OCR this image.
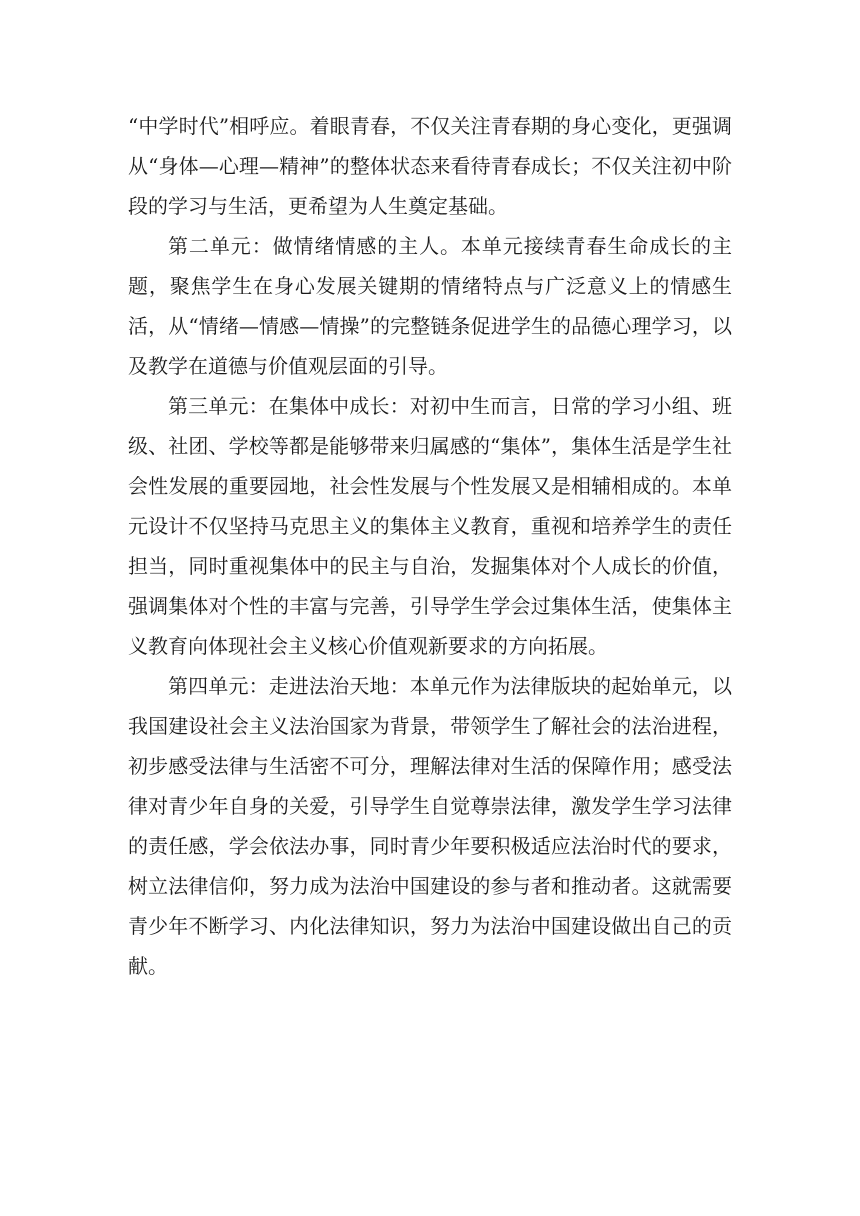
“中学时代”相呼应。着眼青春，不仅关注青春期的身心变化，更强调从“身体—心理—精神”的整体状态来看待青春成长；不仅关注初中阶段的学习与生活，更希望为人生奠定基础。

第二单元：做情绪情感的主人。本单元接续青春生命成长的主题，聚焦学生在身心发展关键期的情绪特点与广泛意义上的情感生活，从“情绪—情感—情操”的完整链条促进学生的品德心理学习，以及教学在道德与价值观层面的引导。

第三单元：在集体中成长：对初中生而言，日常的学习小组、班级、社团、学校等都是能够带来归属感的“集体”，集体生活是学生社会性发展的重要园地，社会性发展与个性发展又是相辅相成的。本单元设计不仅坚持马克思主义的集体主义教育，重视和培养学生的责任担当，同时重视集体中的民主与自治，发掘集体对个人成长的价值，强调集体对个性的丰富与完善，引导学生学会过集体生活，使集体主义教育向体现社会主义核心价值观新要求的方向拓展。

第四单元：走进法治天地：本单元作为法律版块的起始单元，以我国建设社会主义法治国家为背景，带领学生了解社会的法治进程，初步感受法律与生活密不可分，理解法律对生活的保障作用；感受法律对青少年自身的关爱，引导学生自觉尊崇法律，激发学生学习法律的责任感，学会依法办事，同时青少年要积极适应法治时代的要求，树立法律信仰，努力成为法治中国建设的参与者和推动者。这就需要青少年不断学习、内化法律知识，努力为法治中国建设做出自己的贡献。
